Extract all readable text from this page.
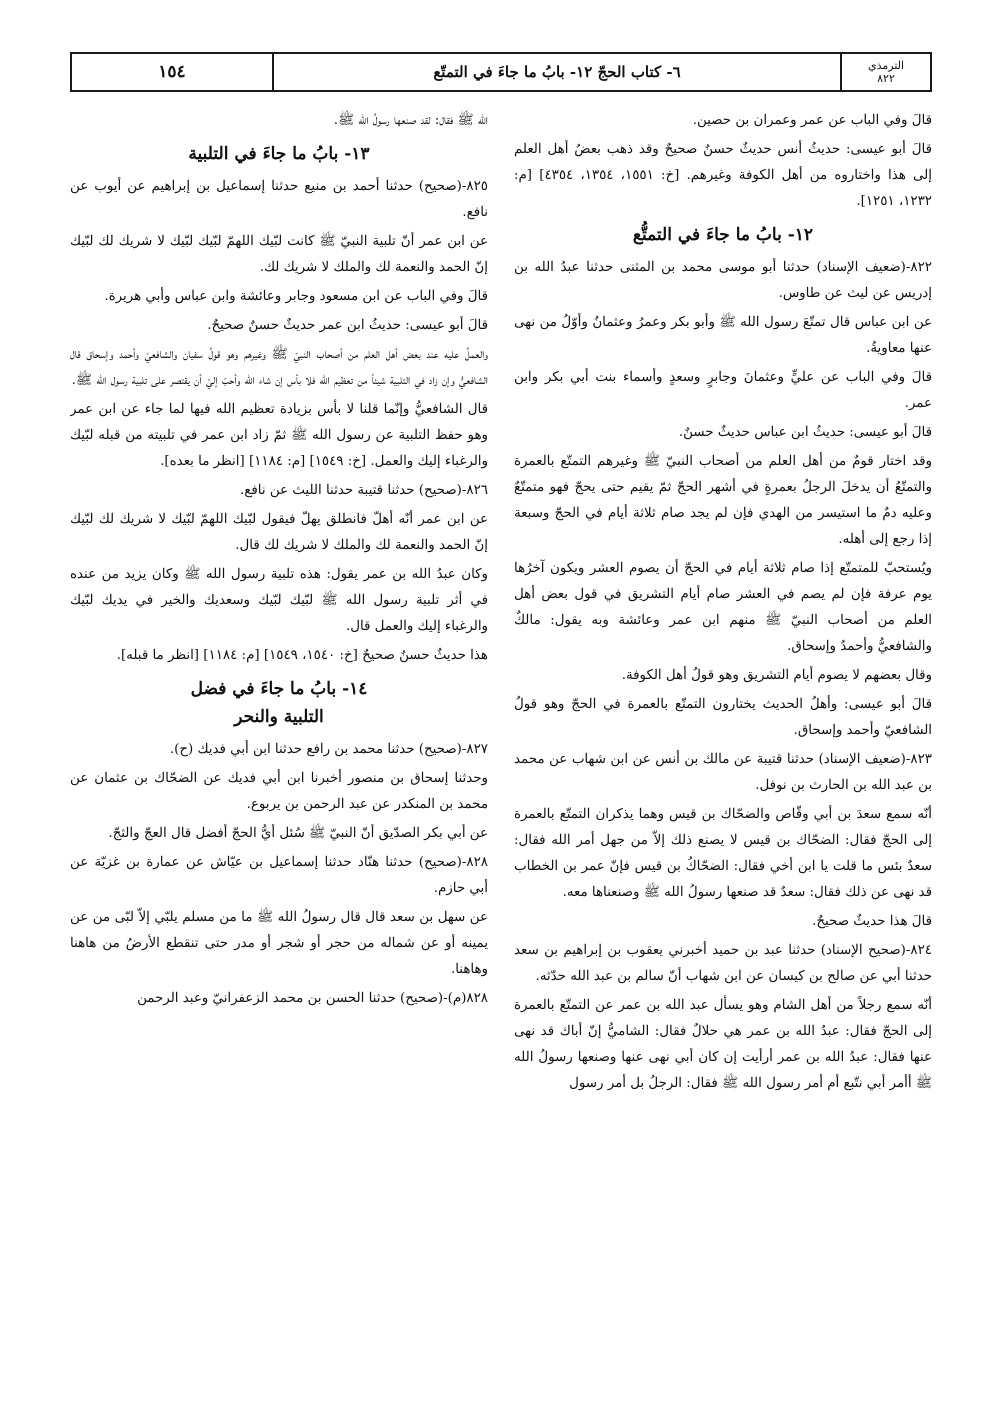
الترمذي
٨٢٢
٦- كتاب الحجّ ١٢- بابُ ما جاءَ في التمتّع
١٥٤

قالَ وفي الباب عن عمر وعمران بن حصين.

قالَ أبو عيسى: حديثُ أنس حديثٌ حسنٌ صحيحٌ وقد ذهب بعضُ أهل العلم إلى هذا واختاروه من أهل الكوفة وغيرهم. [خ: ١٥٥١، ١٣٥٤، ٤٣٥٤] [م: ١٢٣٢، ١٢٥١].

١٢- بابُ ما جاءَ في التمتُّع

٨٢٢-(ضعيف الإسناد) حدثنا أبو موسى محمد بن المثنى حدثنا عبدُ الله بن إدريس عن ليث عن طاوس.

عن ابن عباس قال تمتّعَ رسول الله ﷺ وأبو بكر وعمرُ وعثمانُ وأوّلُ من نهى عنها معاويةُ.

قالَ وفي الباب عن عليٍّ وعثمانَ وجابرٍ وسعدٍ وأسماء بنت أبي بكر وابن عمر.

قالَ أبو عيسى: حديثُ ابن عباس حديثٌ حسنٌ.

وقد اختار قومٌ من أهل العلم من أصحاب النبيّ ﷺ وغيرهم التمتّع بالعمرة والتمتّعُ أن يدخلَ الرجلُ بعمرةٍ في أشهر الحجّ ثمّ يقيم حتى يحجّ فهو متمتّعٌ وعليه دمٌ ما استيسر من الهدي فإن لم يجد صام ثلاثة أيام في الحجّ وسبعة إذا رجع إلى أهله.

ويُستحبّ للمتمتّع إذا صام ثلاثة أيام في الحجّ أن يصوم العشر ويكون آخرُها يوم عرفة فإن لم يصم في العشر صام أيام التشريق في قول بعض أهل العلم من أصحاب النبيّ ﷺ منهم ابن عمر وعائشة وبه يقول: مالكٌ والشافعيُّ وأحمدُ وإسحاق.

وقال بعضهم لا يصوم أيام التشريق وهو قولُ أهل الكوفة.

قالَ أبو عيسى: وأهلُ الحديث يختارون التمتّع بالعمرة في الحجّ وهو قولُ الشافعيّ وأحمد وإسحاق.

٨٢٣-(ضعيف الإسناد) حدثنا قتيبة عن مالك بن أنس عن ابن شهاب عن محمد بن عبد الله بن الحارث بن نوفل.

أنّه سمع سعدَ بن أبي وقّاص والضحّاك بن قيس وهما يذكران التمتّع بالعمرة إلى الحجّ فقال: الضحّاك بن قيس لا يصنع ذلك إلاّ من جهل أمر الله فقال: سعدٌ بئس ما قلت يا ابن أخي فقال: الضحّاكُ بن قيس فإنّ عمر بن الخطاب قد نهى عن ذلك فقال: سعدٌ قد صنعها رسولُ الله ﷺ وصنعناها معه.

قالَ هذا حديثٌ صحيحٌ.

٨٢٤-(صحيح الإسناد) حدثنا عبد بن حميد أخبرني يعقوب بن إبراهيم بن سعد حدثنا أبي عن صالح بن كيسان عن ابن شهاب أنّ سالم بن عبد الله حدّثه.

أنّه سمع رجلاً من أهل الشام وهو يسأل عبد الله بن عمر عن التمتّع بالعمرة إلى الحجّ فقال: عبدُ الله بن عمر هي حلالٌ فقال: الشاميُّ إنّ أباك قد نهى عنها فقال: عبدُ الله بن عمر أرأيت إن كان أبي نهى عنها وصنعها رسولُ الله ﷺ أأمر أبي نتّبع أم أمر رسول الله ﷺ فقال: الرجلُ بل أمر رسول

الله ﷺ فقال: لقد صنعها رسولُ الله ﷺ.

١٣- بابُ ما جاءَ في التلبية

٨٢٥-(صحيح) حدثنا أحمد بن منيع حدثنا إسماعيل بن إبراهيم عن أيوب عن نافع.

عن ابن عمر أنّ تلبية النبيّ ﷺ كانت لبّيك اللهمّ لبّيك لبّيك لا شريك لك لبّيك إنّ الحمد والنعمة لك والملك لا شريك لك.

قالَ وفي الباب عن ابن مسعود وجابر وعائشة وابن عباس وأبي هريرة.

قالَ أبو عيسى: حديثُ ابن عمر حديثٌ حسنٌ صحيحٌ.

والعملُ عليه عند بعض أهل العلم من أصحاب النبيّ ﷺ وغيرهم وهو قولُ سفيان والشافعيّ وأحمد وإسحاق قال الشافعيُّ وإن زاد في التلبية شيئاً من تعظيم الله فلا بأس إن شاء الله وأحبّ إليّ أن يقتصر على تلبية رسول الله ﷺ.

قال الشافعيُّ وإنّما قلنا لا بأس بزيادة تعظيم الله فيها لما جاء عن ابن عمر وهو حفظ التلبية عن رسول الله ﷺ ثمّ زاد ابن عمر في تلبيته من قبله لبّيك والرغباء إليك والعمل. [خ: ١٥٤٩] [م: ١١٨٤] [انظر ما بعده].

٨٢٦-(صحيح) حدثنا قتيبة حدثنا الليث عن نافع.

عن ابن عمر أنّه أهلّ فانطلق يهلّ فيقول لبّيك اللهمّ لبّيك لا شريك لك لبّيك إنّ الحمد والنعمة لك والملك لا شريك لك قال.

وكان عبدُ الله بن عمر يقول: هذه تلبية رسول الله ﷺ وكان يزيد من عنده في أثر تلبية رسول الله ﷺ لبّيك لبّيك وسعديك والخير في يديك لبّيك والرغباء إليك والعمل قال.

هذا حديثٌ حسنٌ صحيحٌ [خ: ١٥٤٠، ١٥٤٩] [م: ١١٨٤] [انظر ما قبله].

١٤- بابُ ما جاءَ في فضل
التلبية والنحر

٨٢٧-(صحيح) حدثنا محمد بن رافع حدثنا ابن أبي فديك (ح).

وحدثنا إسحاق بن منصور أخبرنا ابن أبي فديك عن الضحّاك بن عثمان عن محمد بن المنكدر عن عبد الرحمن بن يربوع.

عن أبي بكر الصدّيق أنّ النبيّ ﷺ سُئل أيُّ الحجّ أفضل قال العجّ والثجّ.

٨٢٨-(صحيح) حدثنا هنّاد حدثنا إسماعيل بن عيّاش عن عمارة بن غزيّة عن أبي حازم.

عن سهل بن سعد قال قال رسولُ الله ﷺ ما من مسلم يلبّي إلاّ لبّى من عن يمينه أو عن شماله من حجر أو شجر أو مدر حتى تنقطع الأرضُ من هاهنا وهاهنا.

٨٢٨(م)-(صحيح) حدثنا الحسن بن محمد الزعفرانيّ وعبد الرحمن
